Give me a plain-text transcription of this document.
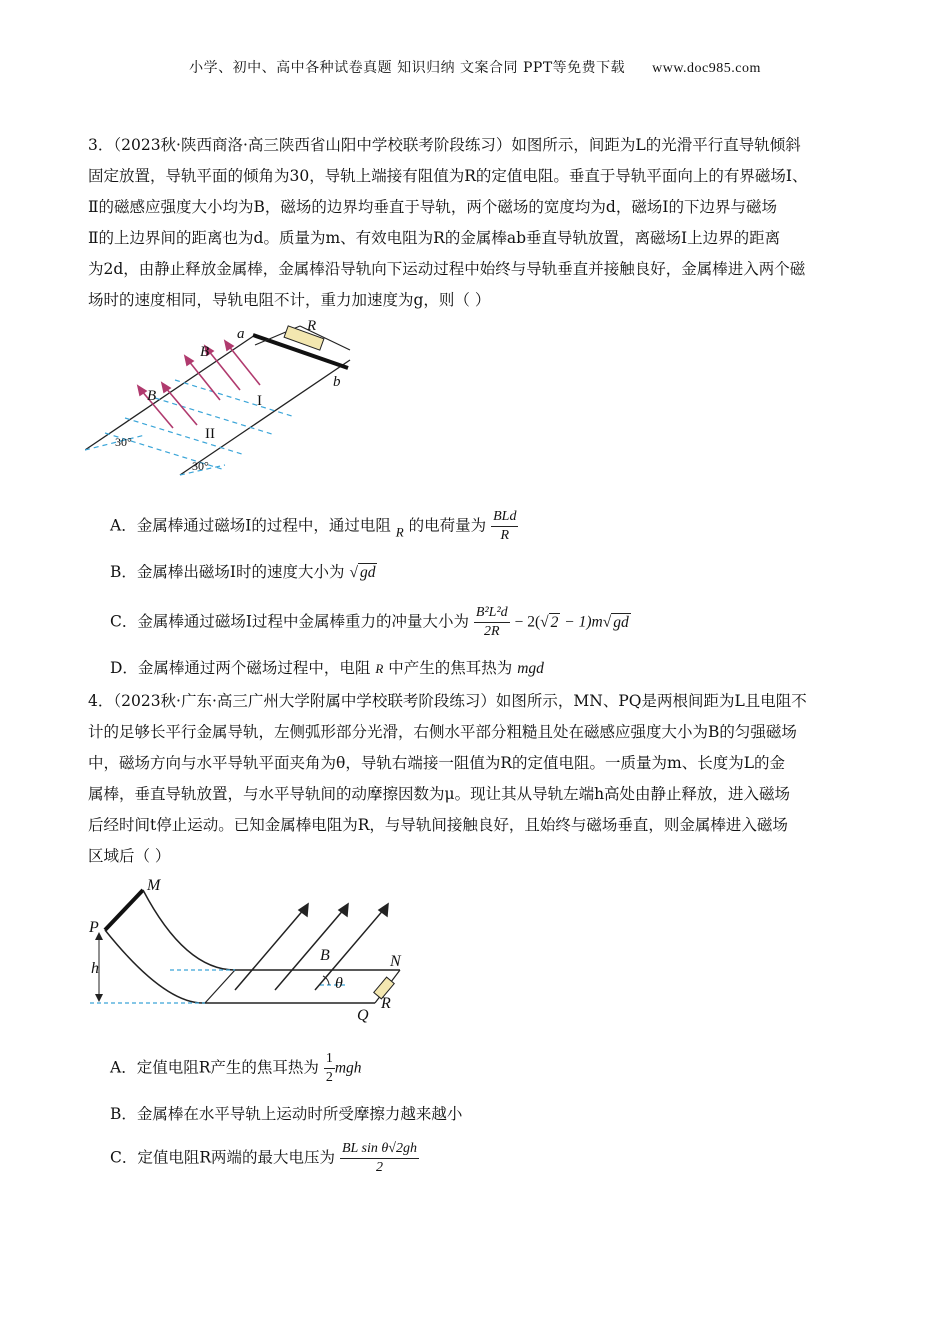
小学、初中、高中各种试卷真题 知识归纳 文案合同 PPT等免费下载 www.doc985.com
3．（2023秋·陕西商洛·高三陕西省山阳中学校联考阶段练习）如图所示，间距为L的光滑平行直导轨倾斜
固定放置，导轨平面的倾角为30，导轨上端接有阻值为R的定值电阻。垂直于导轨平面向上的有界磁场Ⅰ、
Ⅱ的磁感应强度大小均为B，磁场的边界均垂直于导轨，两个磁场的宽度均为d，磁场Ⅰ的下边界与磁场
Ⅱ的上边界间的距离也为d。质量为m、有效电阻为R的金属棒ab垂直导轨放置，离磁场Ⅰ上边界的距离
为2d，由静止释放金属棒，金属棒沿导轨向下运动过程中始终与导轨垂直并接触良好，金属棒进入两个磁
场时的速度相同，导轨电阻不计，重力加速度为g，则（ ）
a
b
R
B
B	I
II
30°
30°
A．金属棒通过磁场Ⅰ的过程中，通过电阻 $_R$ 的电荷量为 $\frac{\text{BLd}}{R}$
B．金属棒出磁场Ⅰ时的速度大小为 √ gd
C．金属棒通过磁场Ⅰ过程中金属棒重力的冲量大小为 $\frac{\text{B²L²d}}{2R} - 2(√$ 2 − 1)m√ gd
D．金属棒通过两个磁场过程中，电阻 R 中产生的焦耳热为 mgd
4．（2023秋·广东·高三广州大学附属中学校联考阶段练习）如图所示，MN、PQ是两根间距为L且电阻不
计的足够长平行金属导轨，左侧弧形部分光滑，右侧水平部分粗糙且处在磁感应强度大小为B的匀强磁场
中，磁场方向与水平导轨平面夹角为θ，导轨右端接一阻值为R的定值电阻。一质量为m、长度为L的金
属棒，垂直导轨放置，与水平导轨间的动摩擦因数为μ。现让其从导轨左端h高处由静止释放，进入磁场
后经时间t停止运动。已知金属棒电阻为R，与导轨间接触良好，且始终与磁场垂直，则金属棒进入磁场
区域后（ ）
M
P
h
B
θ
N
R
Q
A．定值电阻R产生的焦耳热为 $\frac{1}{2}$ mgh
B．金属棒在水平导轨上运动时所受摩擦力越来越小
C．定值电阻R两端的最大电压为 $\frac{\text{BL sin θ√2gh}}{2}$
